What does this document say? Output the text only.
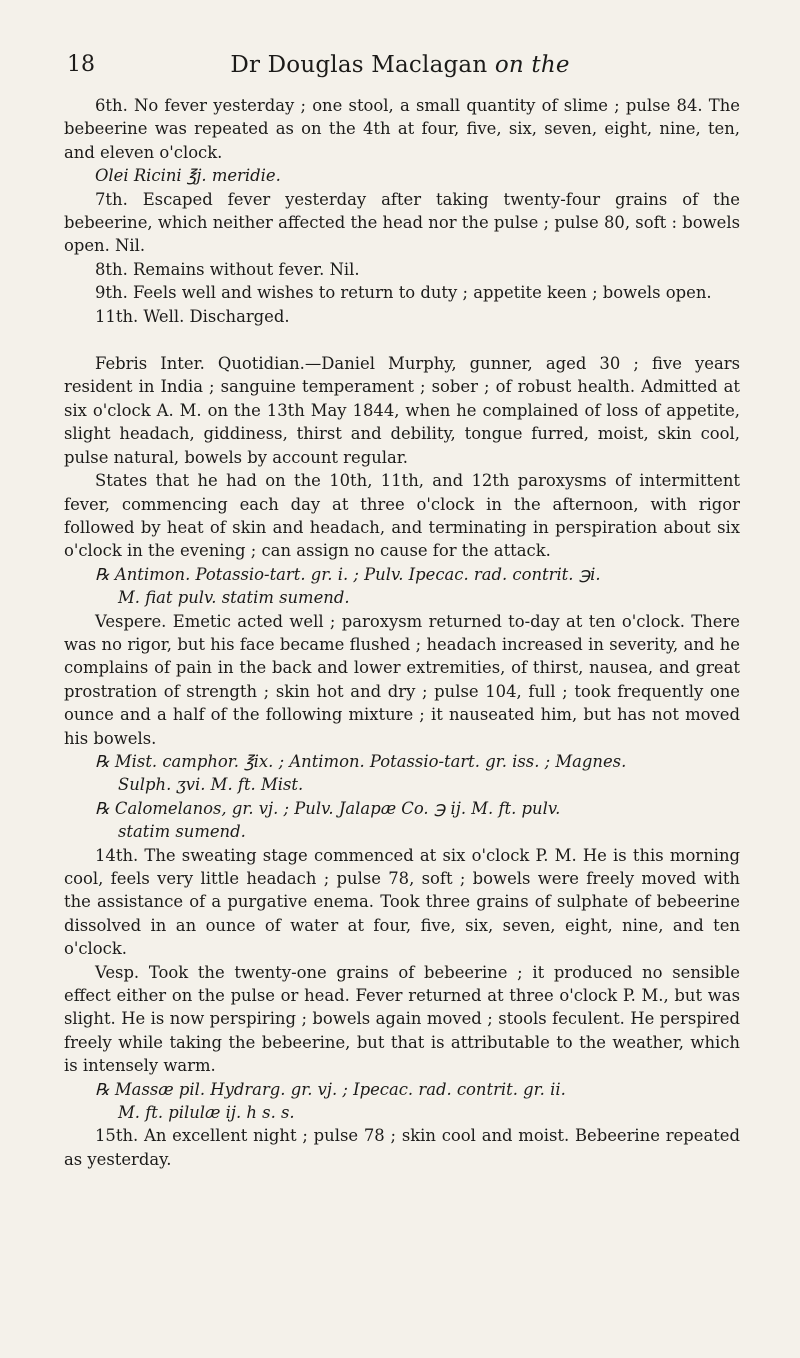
18	Dr Douglas Maclagan on the

6th. No fever yesterday ; one stool, a small quantity of slime ; pulse 84. The bebeerine was repeated as on the 4th at four, five, six, seven, eight, nine, ten, and eleven o'clock.

Olei Ricini ℥j. meridie.

7th. Escaped fever yesterday after taking twenty-four grains of the bebeerine, which neither affected the head nor the pulse ; pulse 80, soft : bowels open. Nil.

8th. Remains without fever. Nil.

9th. Feels well and wishes to return to duty ; appetite keen ; bowels open.

11th. Well. Discharged.

Febris Inter. Quotidian.—Daniel Murphy, gunner, aged 30 ; five years resident in India ; sanguine temperament ; sober ; of robust health. Admitted at six o'clock A. M. on the 13th May 1844, when he complained of loss of appetite, slight headach, giddiness, thirst and debility, tongue furred, moist, skin cool, pulse natural, bowels by account regular.

States that he had on the 10th, 11th, and 12th paroxysms of intermittent fever, commencing each day at three o'clock in the afternoon, with rigor followed by heat of skin and headach, and terminating in perspiration about six o'clock in the evening ; can assign no cause for the attack.

℞ Antimon. Potassio-tart. gr. i. ; Pulv. Ipecac. rad. contrit. ℈i.

M. fiat pulv. statim sumend.

Vespere. Emetic acted well ; paroxysm returned to-day at ten o'clock. There was no rigor, but his face became flushed ; headach increased in severity, and he complains of pain in the back and lower extremities, of thirst, nausea, and great prostration of strength ; skin hot and dry ; pulse 104, full ; took frequently one ounce and a half of the following mixture ; it nauseated him, but has not moved his bowels.

℞ Mist. camphor. ℥ix. ; Antimon. Potassio-tart. gr. iss. ; Magnes.

Sulph. ʒvi. M. ft. Mist.

℞ Calomelanos, gr. vj. ; Pulv. Jalapæ Co. ℈ ij. M. ft. pulv.

statim sumend.

14th. The sweating stage commenced at six o'clock P. M. He is this morning cool, feels very little headach ; pulse 78, soft ; bowels were freely moved with the assistance of a purgative enema. Took three grains of sulphate of bebeerine dissolved in an ounce of water at four, five, six, seven, eight, nine, and ten o'clock.

Vesp. Took the twenty-one grains of bebeerine ; it produced no sensible effect either on the pulse or head. Fever returned at three o'clock P. M., but was slight. He is now perspiring ; bowels again moved ; stools feculent. He perspired freely while taking the bebeerine, but that is attributable to the weather, which is intensely warm.

℞ Massæ pil. Hydrarg. gr. vj. ; Ipecac. rad. contrit. gr. ii.

M. ft. pilulæ ij. h s. s.

15th. An excellent night ; pulse 78 ; skin cool and moist. Bebeerine repeated as yesterday.
